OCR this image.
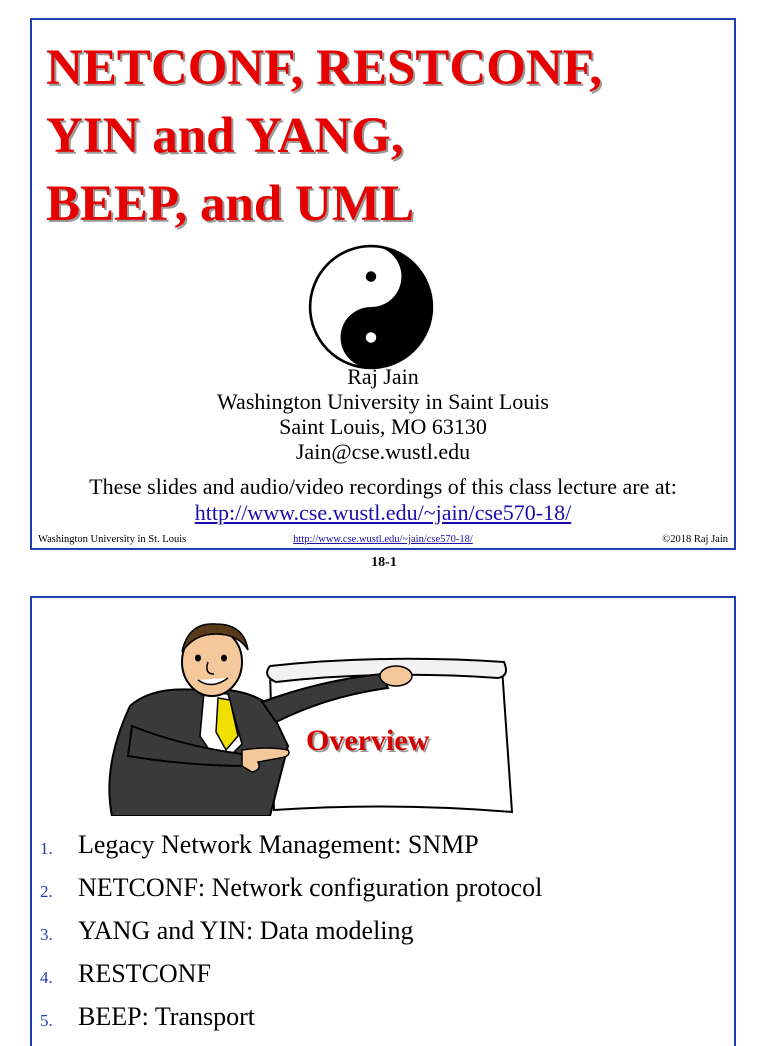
NETCONF, RESTCONF,
YIN and YANG,
BEEP, and UML
Raj Jain
Washington University in Saint Louis
Saint Louis, MO 63130
Jain@cse.wustl.edu
These slides and audio/video recordings of this class lecture are at:
http://www.cse.wustl.edu/~jain/cse570-18/
Washington University in St. Louis	http://www.cse.wustl.edu/~jain/cse570-18/	©2018 Raj Jain
18-1
Overview
1. Legacy Network Management: SNMP
2. NETCONF: Network configuration protocol
3. YANG and YIN: Data modeling
4. RESTCONF
5. BEEP: Transport
